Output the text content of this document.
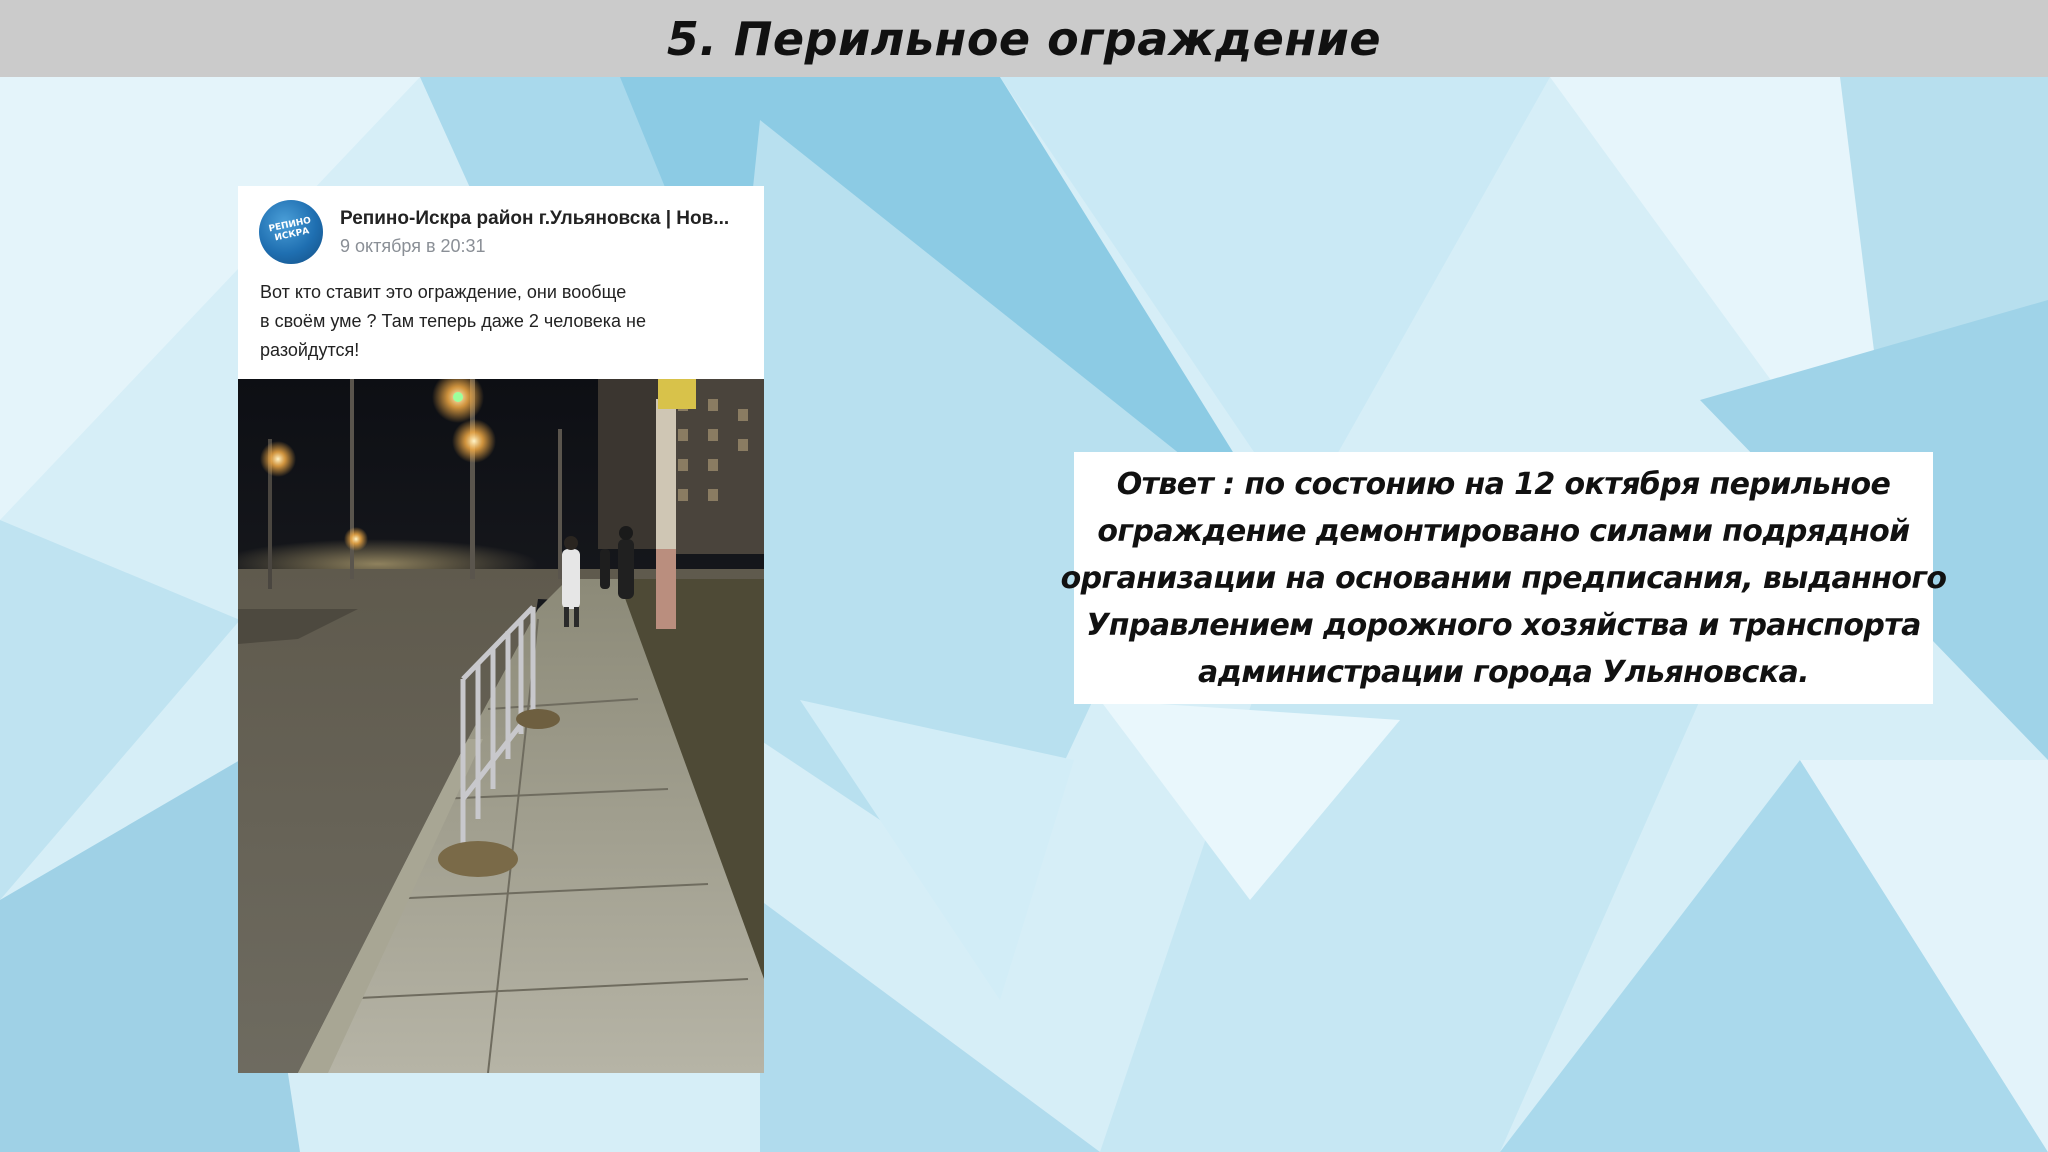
5. Перильное ограждение
РЕПИНО ИСКРА
Репино-Искра район г.Ульяновска | Нов...
9 октября в 20:31
Вот кто ставит это ограждение, они вообще
в своём уме ? Там теперь даже 2 человека не
разойдутся!
Ответ : по состонию на 12 октября перильное
ограждение демонтировано силами подрядной
организации на основании предписания, выданного
Управлением дорожного хозяйства и транспорта
администрации города Ульяновска.
